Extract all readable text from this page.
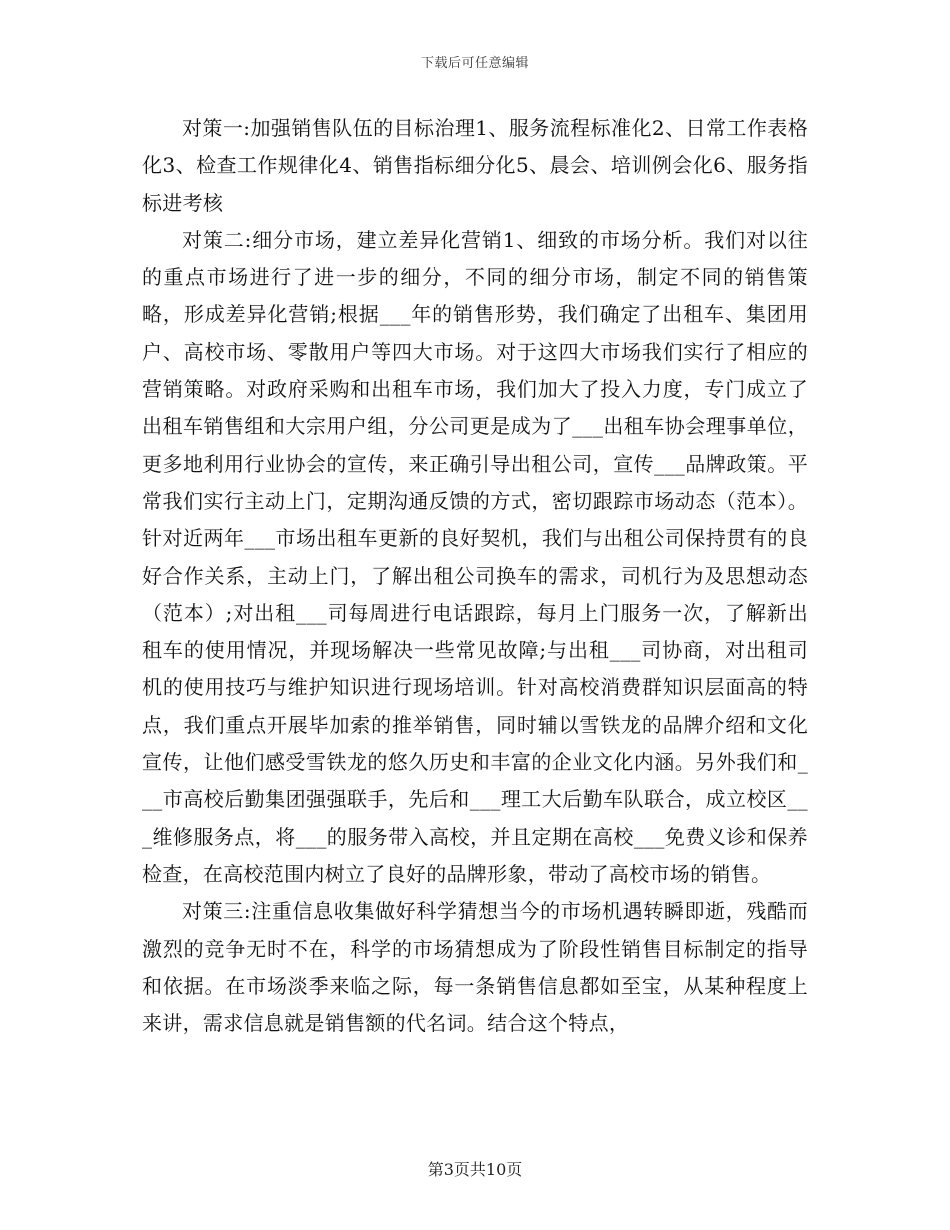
下载后可任意编辑

对策一:加强销售队伍的目标治理1、服务流程标准化2、日常工作表格化3、检查工作规律化4、销售指标细分化5、晨会、培训例会化6、服务指标进考核

对策二:细分市场，建立差异化营销1、细致的市场分析。我们对以往的重点市场进行了进一步的细分，不同的细分市场，制定不同的销售策略，形成差异化营销;根据___年的销售形势，我们确定了出租车、集团用户、高校市场、零散用户等四大市场。对于这四大市场我们实行了相应的营销策略。对政府采购和出租车市场，我们加大了投入力度，专门成立了出租车销售组和大宗用户组，分公司更是成为了___出租车协会理事单位，更多地利用行业协会的宣传，来正确引导出租公司，宣传___品牌政策。平常我们实行主动上门，定期沟通反馈的方式，密切跟踪市场动态（范本）。针对近两年___市场出租车更新的良好契机，我们与出租公司保持贯有的良好合作关系，主动上门，了解出租公司换车的需求，司机行为及思想动态（范本）;对出租___司每周进行电话跟踪，每月上门服务一次，了解新出租车的使用情况，并现场解决一些常见故障;与出租___司协商，对出租司机的使用技巧与维护知识进行现场培训。针对高校消费群知识层面高的特点，我们重点开展毕加索的推举销售，同时辅以雪铁龙的品牌介绍和文化宣传，让他们感受雪铁龙的悠久历史和丰富的企业文化内涵。另外我们和___市高校后勤集团强强联手，先后和___理工大后勤车队联合，成立校区___维修服务点，将___的服务带入高校，并且定期在高校___免费义诊和保养检查，在高校范围内树立了良好的品牌形象，带动了高校市场的销售。

对策三:注重信息收集做好科学猜想当今的市场机遇转瞬即逝，残酷而激烈的竞争无时不在，科学的市场猜想成为了阶段性销售目标制定的指导和依据。在市场淡季来临之际，每一条销售信息都如至宝，从某种程度上来讲，需求信息就是销售额的代名词。结合这个特点，

第3页共10页
